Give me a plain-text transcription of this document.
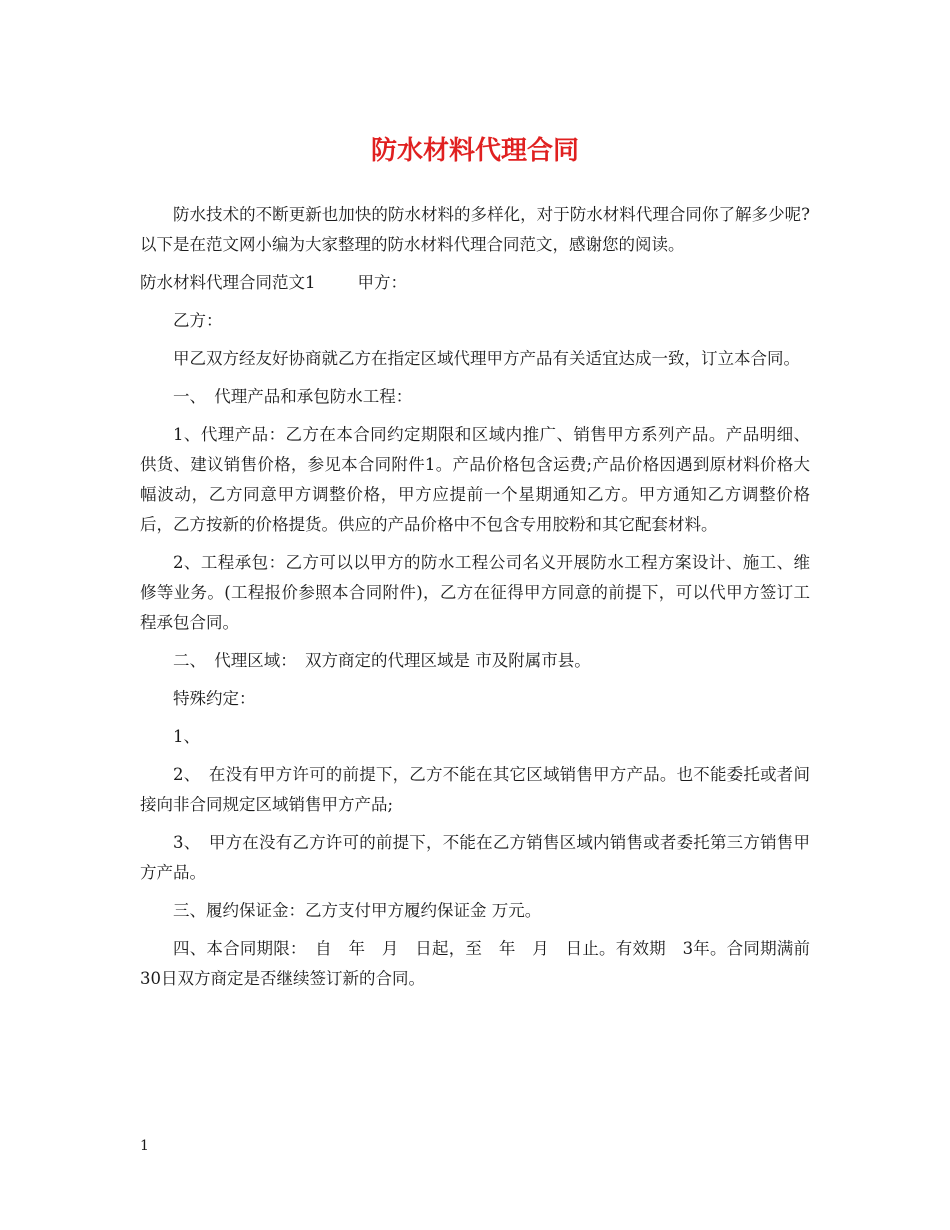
防水材料代理合同

防水技术的不断更新也加快的防水材料的多样化，对于防水材料代理合同你了解多少呢?以下是在范文网小编为大家整理的防水材料代理合同范文，感谢您的阅读。

防水材料代理合同范文1	甲方：

乙方：

甲乙双方经友好协商就乙方在指定区域代理甲方产品有关适宜达成一致，订立本合同。

一、　代理产品和承包防水工程：

1、代理产品：乙方在本合同约定期限和区域内推广、销售甲方系列产品。产品明细、供货、建议销售价格，参见本合同附件1。产品价格包含运费;产品价格因遇到原材料价格大幅波动，乙方同意甲方调整价格，甲方应提前一个星期通知乙方。甲方通知乙方调整价格后，乙方按新的价格提货。供应的产品价格中不包含专用胶粉和其它配套材料。

2、工程承包：乙方可以以甲方的防水工程公司名义开展防水工程方案设计、施工、维修等业务。(工程报价参照本合同附件)，乙方在征得甲方同意的前提下，可以代甲方签订工程承包合同。

二、　代理区域：　双方商定的代理区域是 市及附属市县。

特殊约定：

1、

2、　在没有甲方许可的前提下，乙方不能在其它区域销售甲方产品。也不能委托或者间接向非合同规定区域销售甲方产品;

3、　甲方在没有乙方许可的前提下，不能在乙方销售区域内销售或者委托第三方销售甲方产品。

三、履约保证金：乙方支付甲方履约保证金 万元。

四、本合同期限：　自　年　月　日起，至　年　月　日止。有效期　3年。合同期满前30日双方商定是否继续签订新的合同。

1
